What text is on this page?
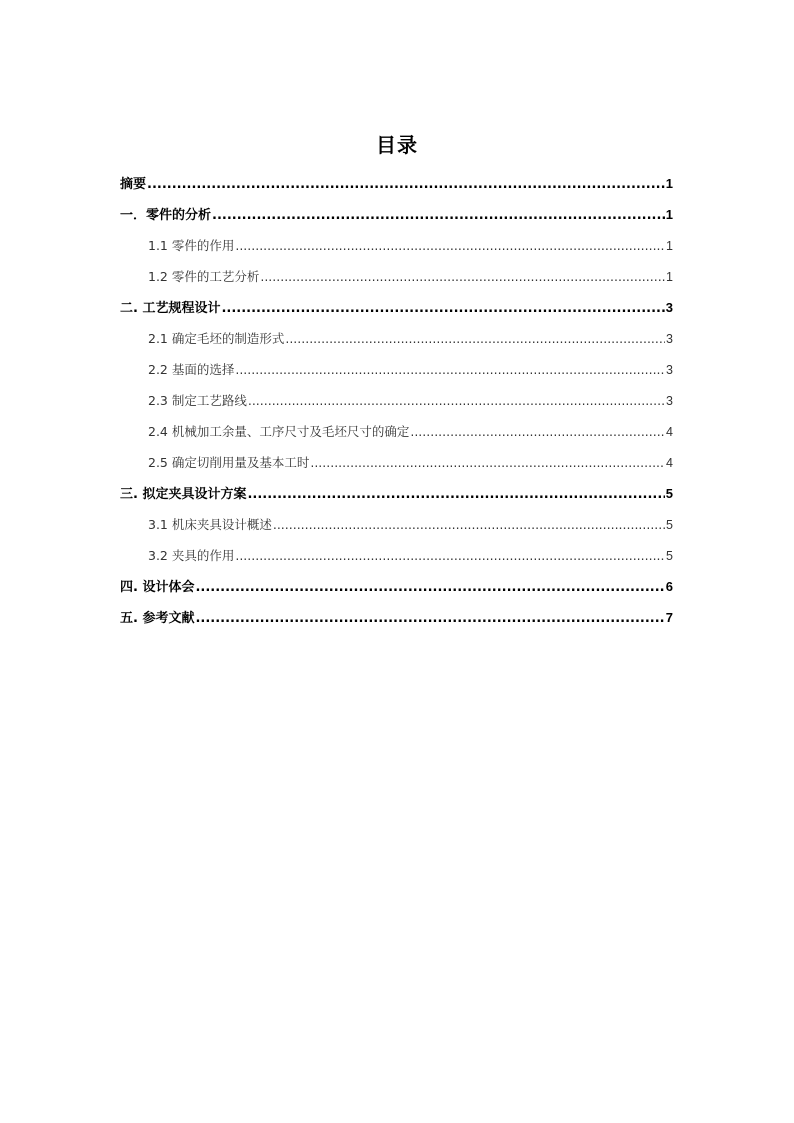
目录
摘要 .....	1
一．零件的分析 .....	1
1.1 零件的作用 .....	1
1.2 零件的工艺分析 .....	1
二. 工艺规程设计 .....	3
2.1 确定毛坯的制造形式 .....	3
2.2 基面的选择 .....	3
2.3 制定工艺路线 .....	3
2.4 机械加工余量、工序尺寸及毛坯尺寸的确定 .....	4
2.5 确定切削用量及基本工时 .....	4
三. 拟定夹具设计方案 .....	5
3.1 机床夹具设计概述 .....	5
3.2 夹具的作用 .....	5
四. 设计体会 .....	6
五. 参考文献 .....	7
